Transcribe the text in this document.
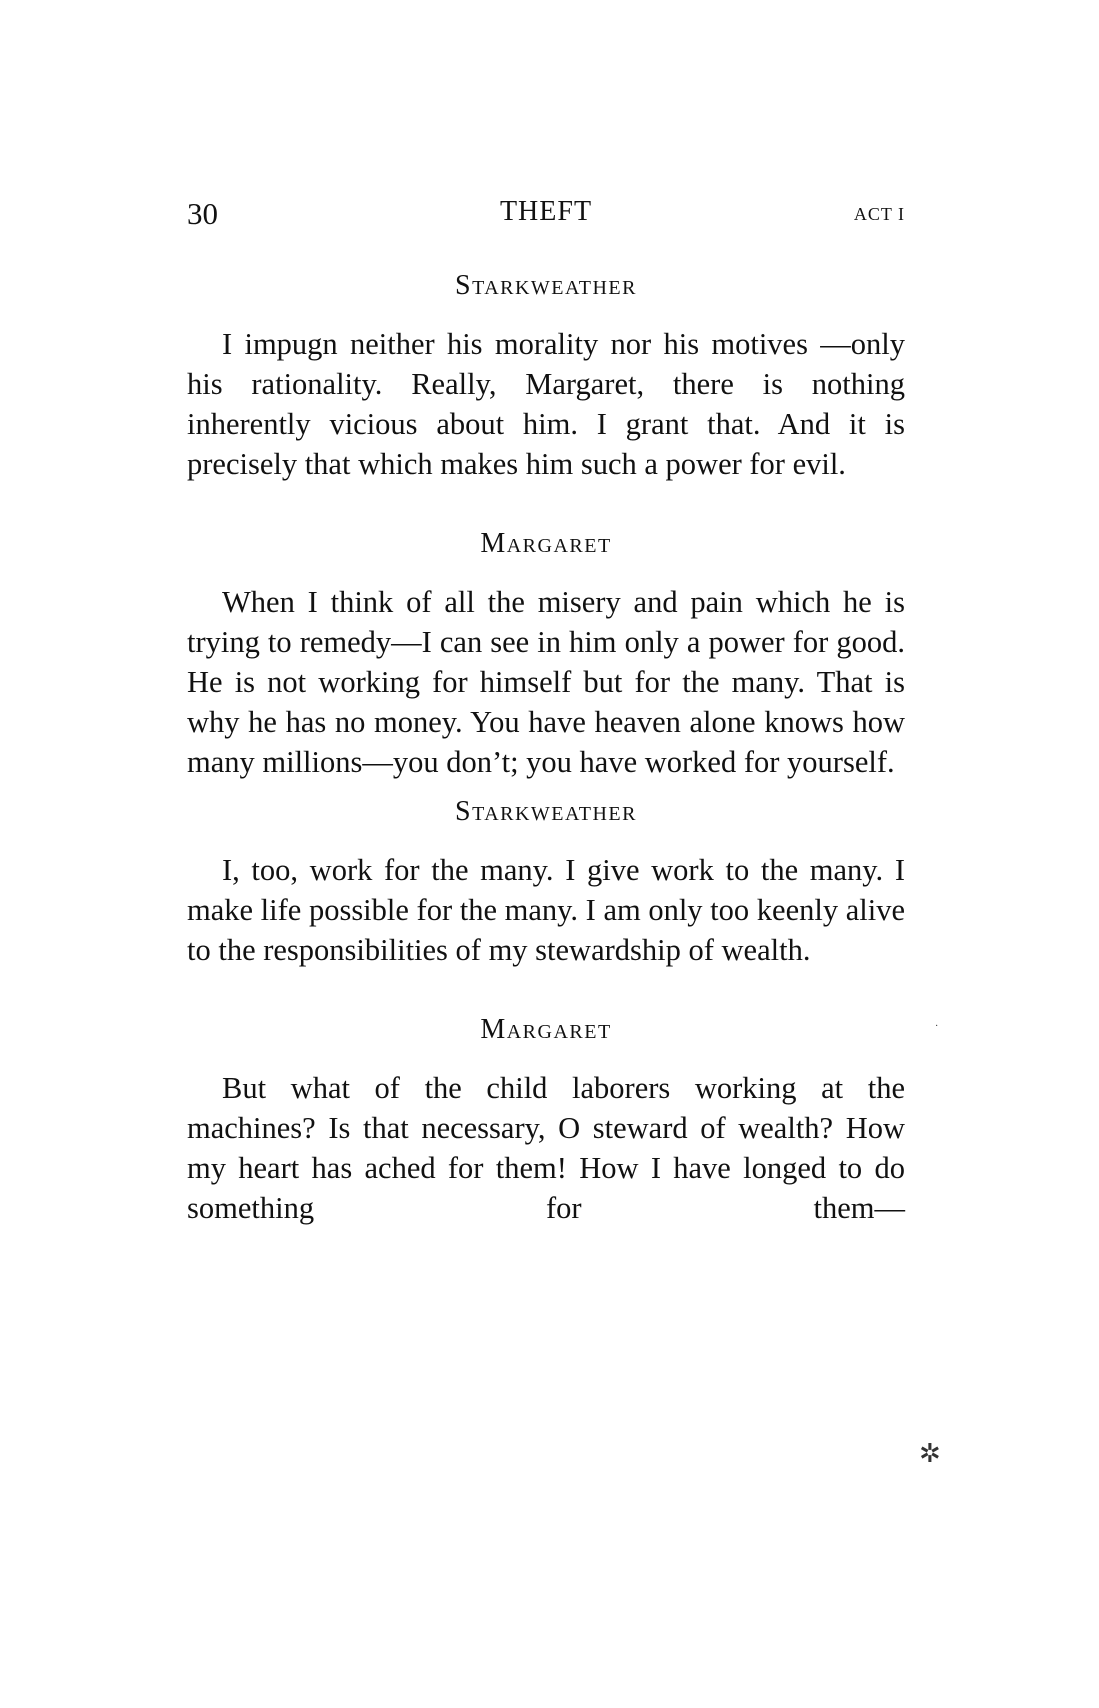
30	THEFT	ACT I
Starkweather

I impugn neither his morality nor his motives —only his rationality. Really, Margaret, there is nothing inherently vicious about him. I grant that. And it is precisely that which makes him such a power for evil.

Margaret

When I think of all the misery and pain which he is trying to remedy—I can see in him only a power for good. He is not working for himself but for the many. That is why he has no money. You have heaven alone knows how many millions—you don’t; you have worked for yourself.

Starkweather

I, too, work for the many. I give work to the many. I make life possible for the many. I am only too keenly alive to the responsibilities of my stewardship of wealth.

Margaret

But what of the child laborers working at the machines? Is that necessary, O steward of wealth? How my heart has ached for them! How I have longed to do something for them—

·
✲
